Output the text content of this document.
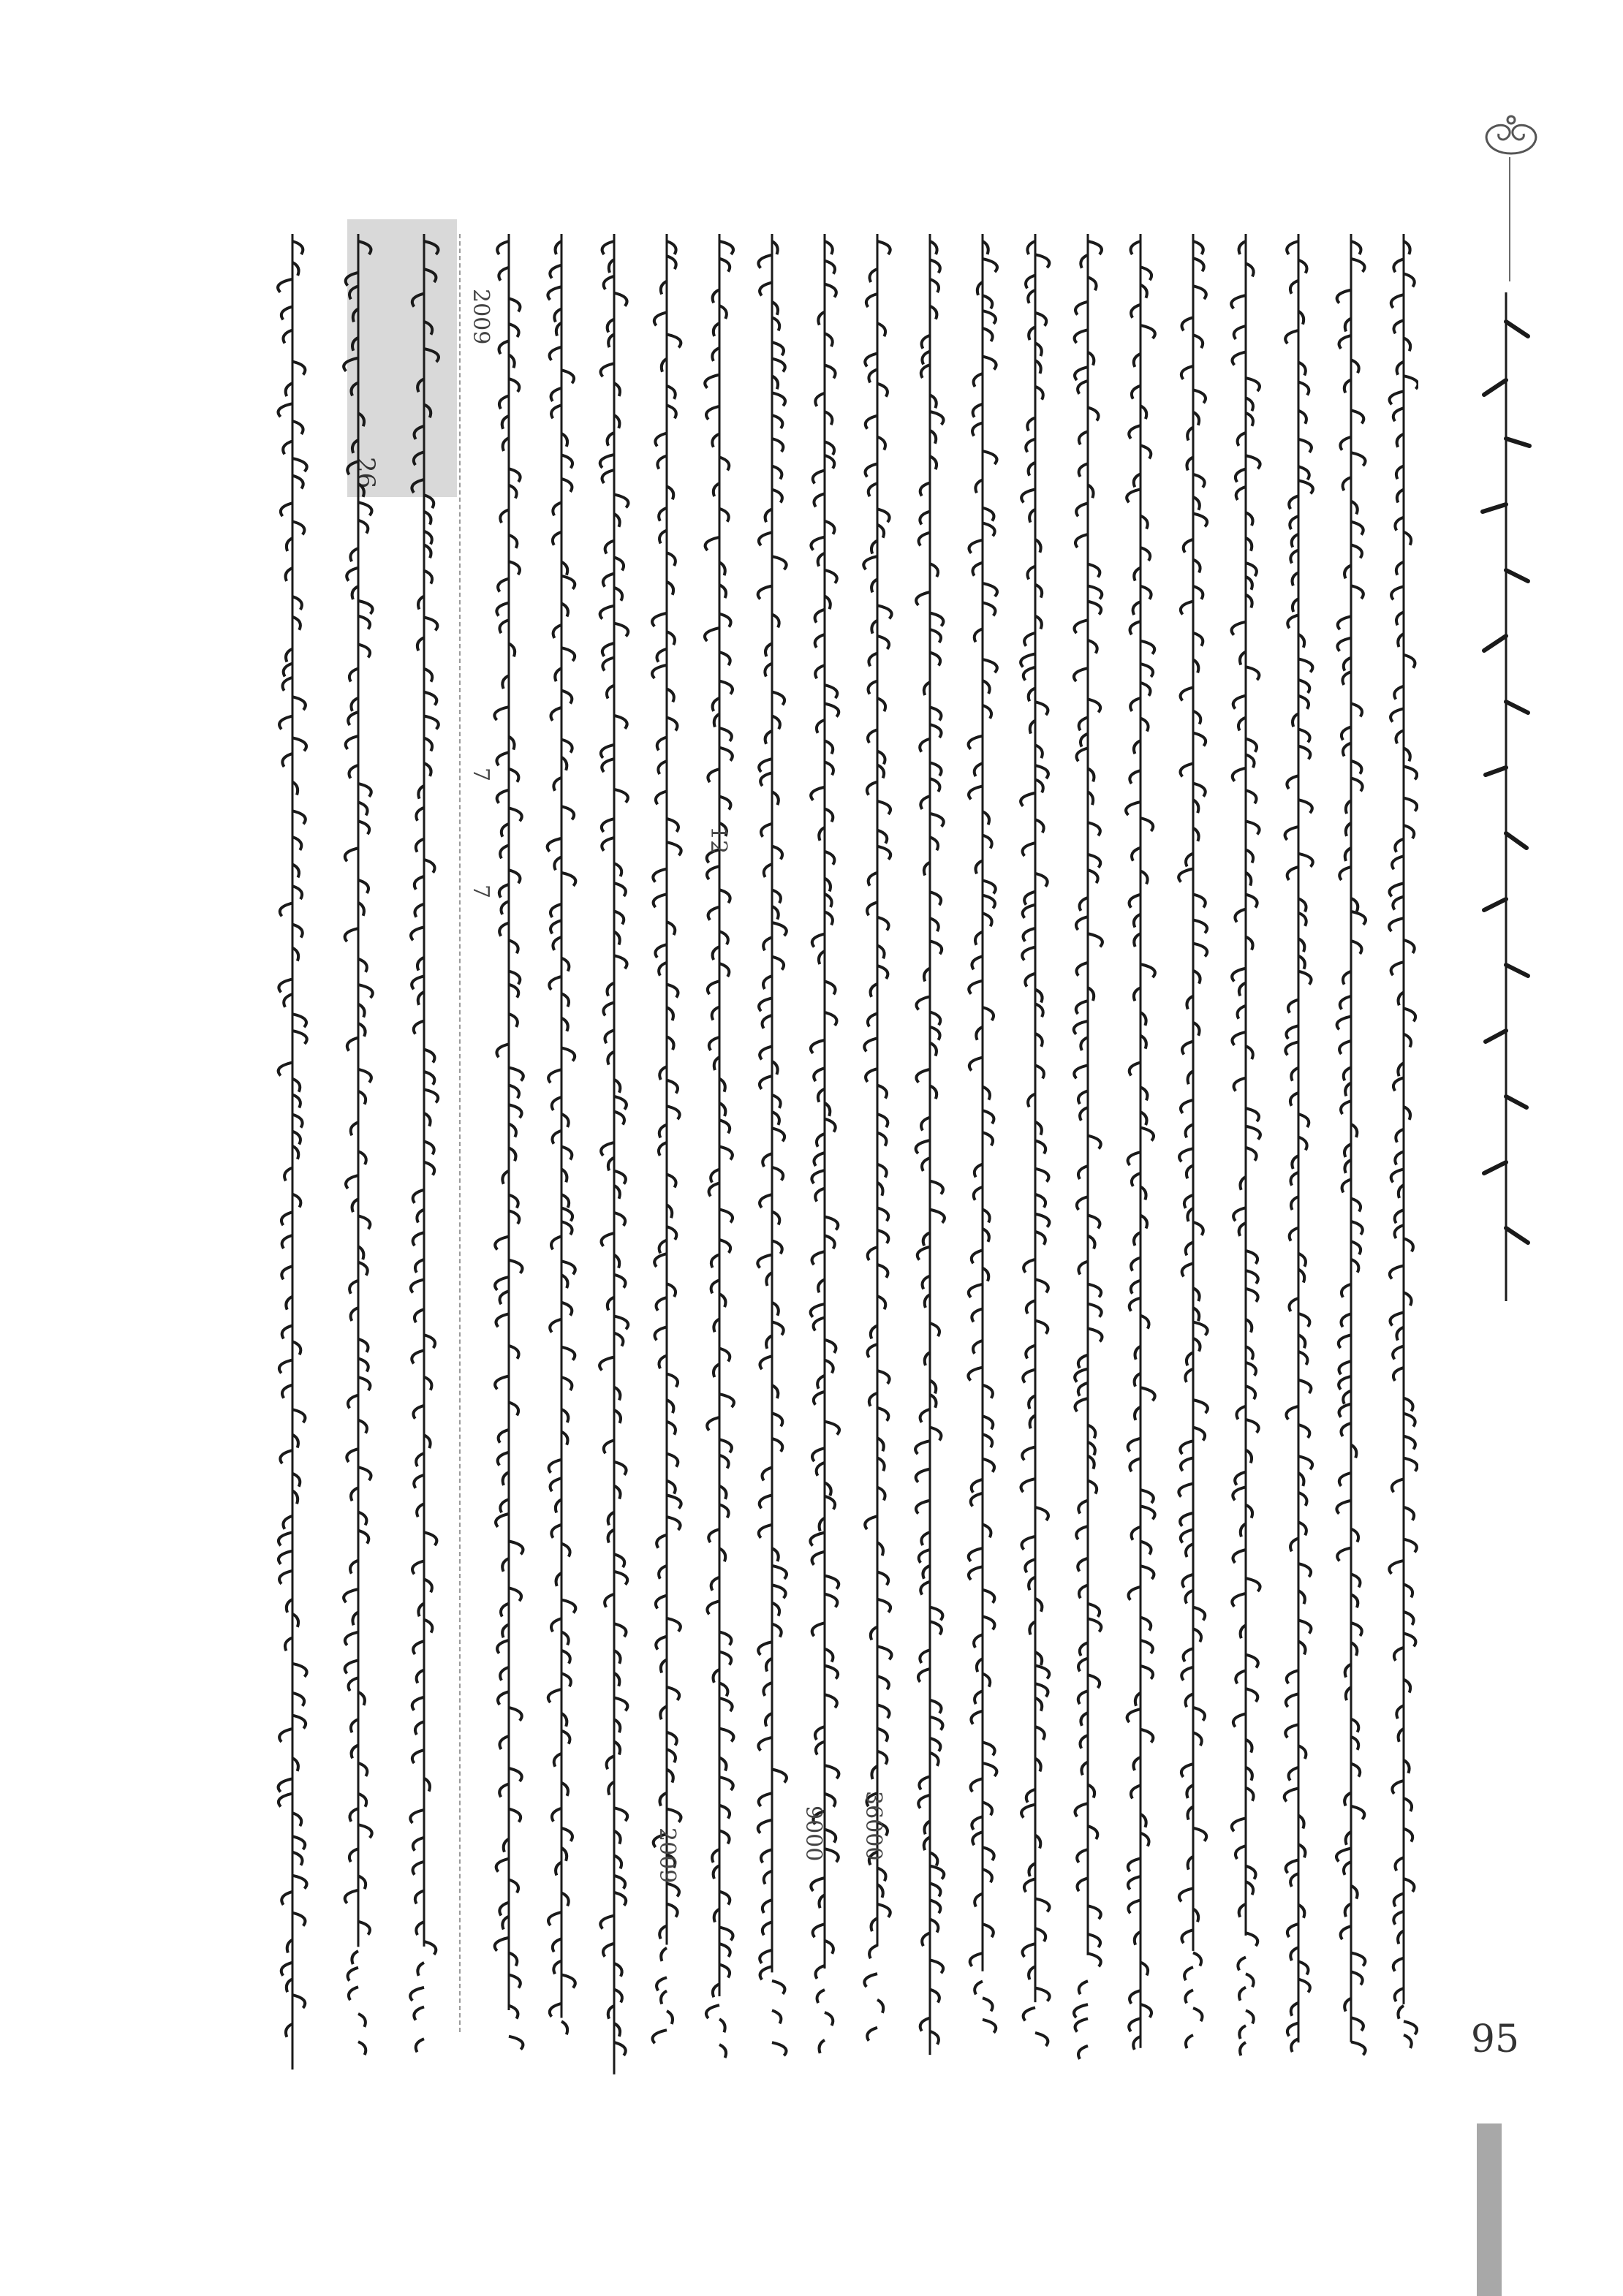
2009	36000
9000
12
7
7
2009
26
95
